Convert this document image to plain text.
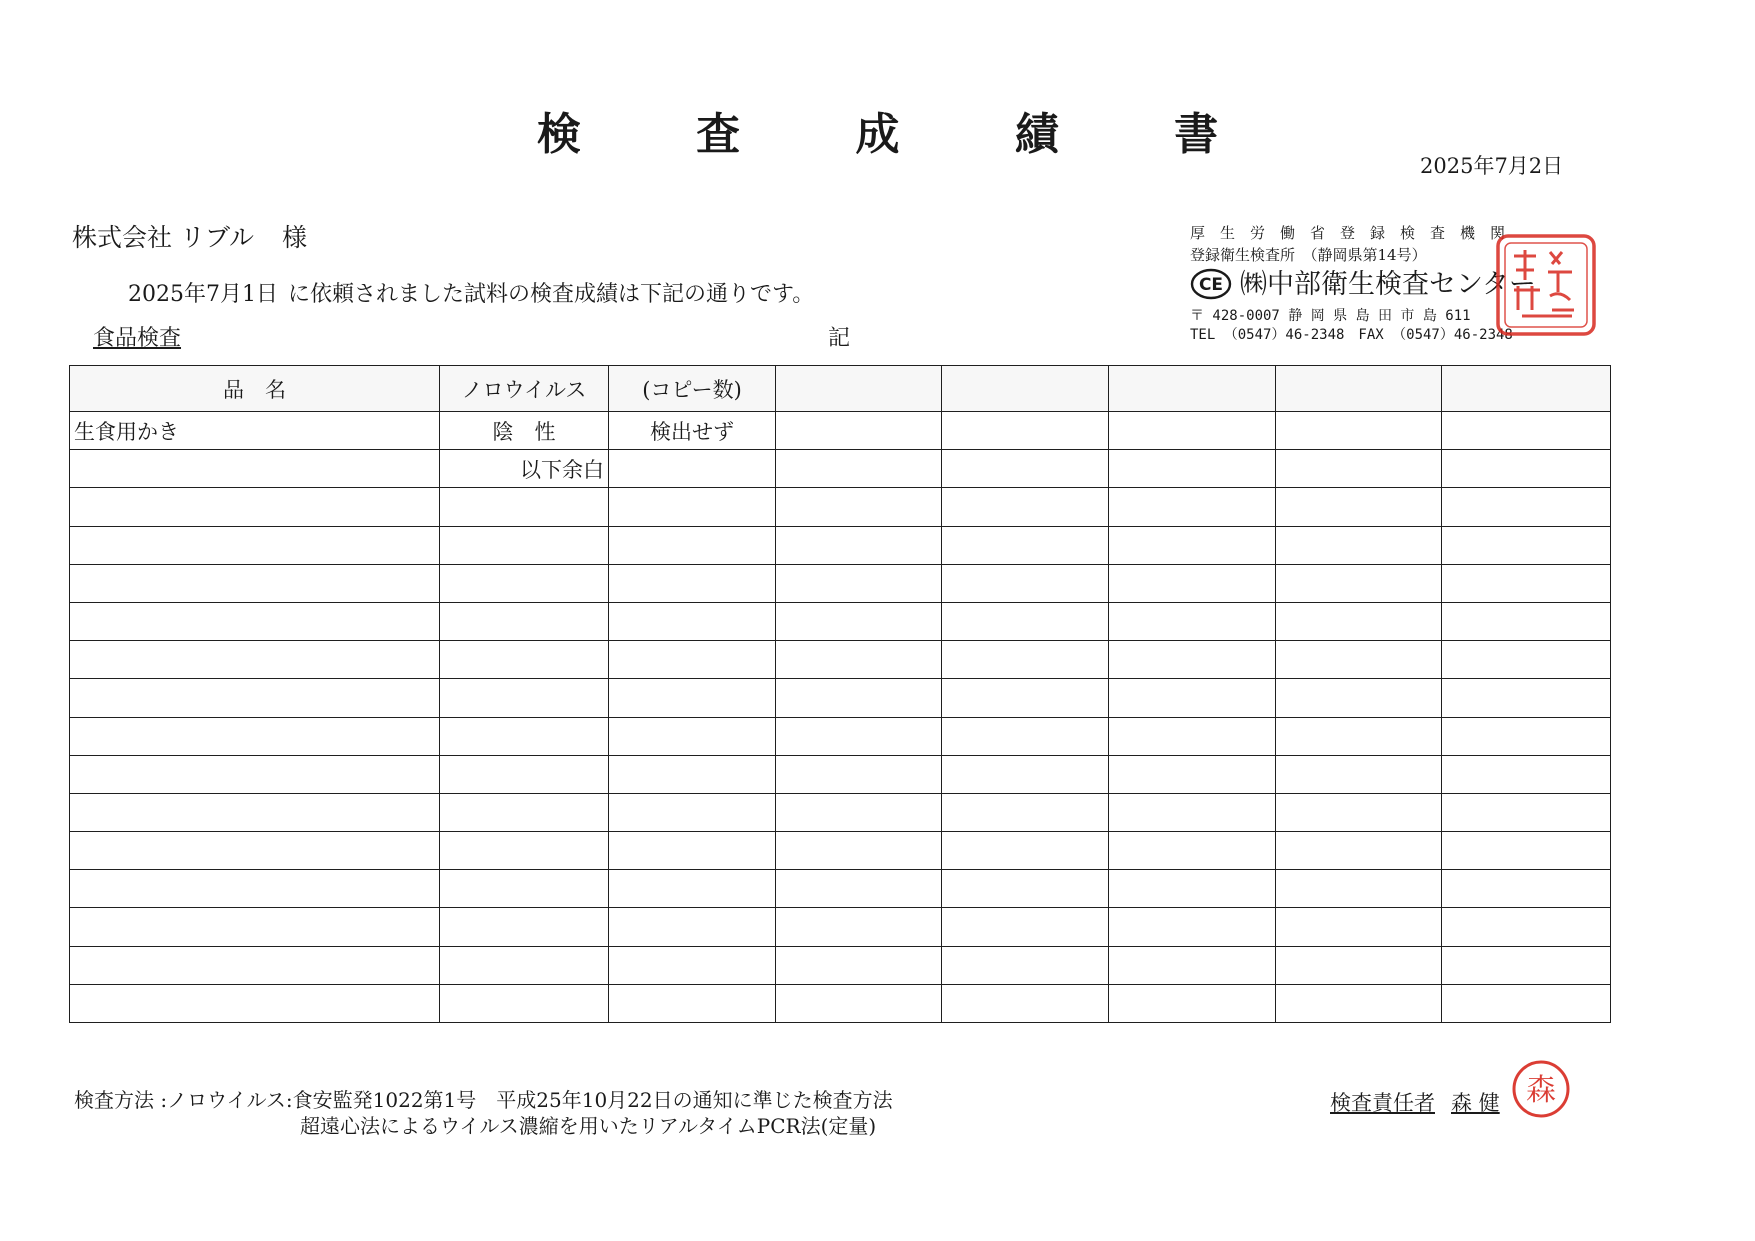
検 査 成 績 書
2025年7月2日
株式会社 リブル 様
2025年7月1日 に依頼されました試料の検査成績は下記の通りです。
食品検査	記
厚生労働省登録検査機関
登録衛生検査所　（静岡県第14号）
CE ㈱中部衛生検査センター
〒 428-0007 静 岡 県 島 田 市 島 611
TEL （0547）46-2348　FAX （0547）46-2348
品　名	ノロウイルス	(コピー数)					
生食用かき	陰　性	検出せず					
	以下余白						

検査方法 :ノロウイルス:食安監発1022第1号　平成25年10月22日の通知に準じた検査方法
超遠心法によるウイルス濃縮を用いたリアルタイムPCR法(定量)
検査責任者 森 健 森
